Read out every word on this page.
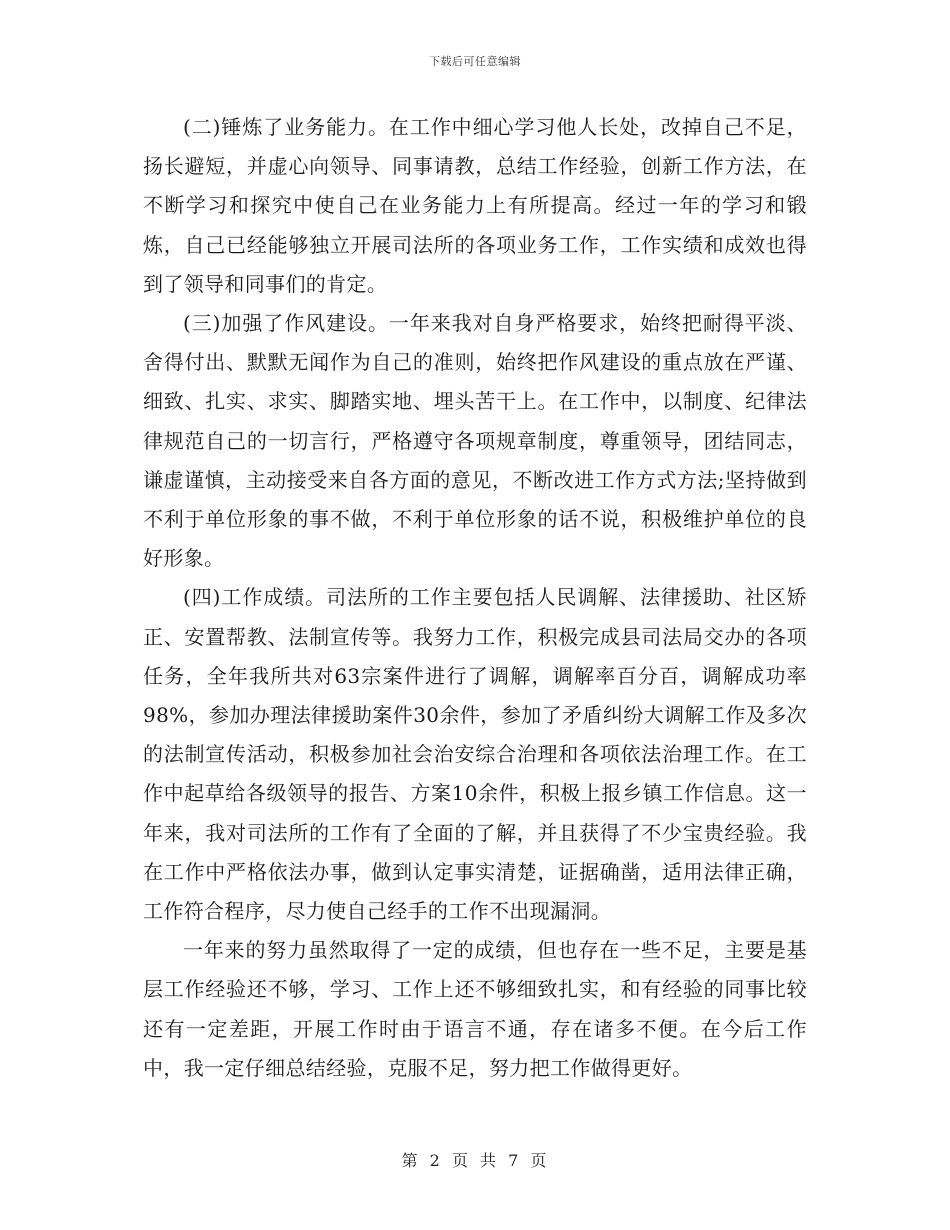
下载后可任意编辑

(二)锤炼了业务能力。在工作中细心学习他人长处，改掉自己不足，扬长避短，并虚心向领导、同事请教，总结工作经验，创新工作方法，在不断学习和探究中使自己在业务能力上有所提高。经过一年的学习和锻炼，自己已经能够独立开展司法所的各项业务工作，工作实绩和成效也得到了领导和同事们的肯定。

(三)加强了作风建设。一年来我对自身严格要求，始终把耐得平淡、舍得付出、默默无闻作为自己的准则，始终把作风建设的重点放在严谨、细致、扎实、求实、脚踏实地、埋头苦干上。在工作中，以制度、纪律法律规范自己的一切言行，严格遵守各项规章制度，尊重领导，团结同志，谦虚谨慎，主动接受来自各方面的意见，不断改进工作方式方法;坚持做到不利于单位形象的事不做，不利于单位形象的话不说，积极维护单位的良好形象。

(四)工作成绩。司法所的工作主要包括人民调解、法律援助、社区矫正、安置帮教、法制宣传等。我努力工作，积极完成县司法局交办的各项任务，全年我所共对63宗案件进行了调解，调解率百分百，调解成功率98%，参加办理法律援助案件30余件，参加了矛盾纠纷大调解工作及多次的法制宣传活动，积极参加社会治安综合治理和各项依法治理工作。在工作中起草给各级领导的报告、方案10余件，积极上报乡镇工作信息。这一年来，我对司法所的工作有了全面的了解，并且获得了不少宝贵经验。我在工作中严格依法办事，做到认定事实清楚，证据确凿，适用法律正确，工作符合程序，尽力使自己经手的工作不出现漏洞。

一年来的努力虽然取得了一定的成绩，但也存在一些不足，主要是基层工作经验还不够，学习、工作上还不够细致扎实，和有经验的同事比较还有一定差距，开展工作时由于语言不通，存在诸多不便。在今后工作中，我一定仔细总结经验，克服不足，努力把工作做得更好。

第 2 页 共 7 页
